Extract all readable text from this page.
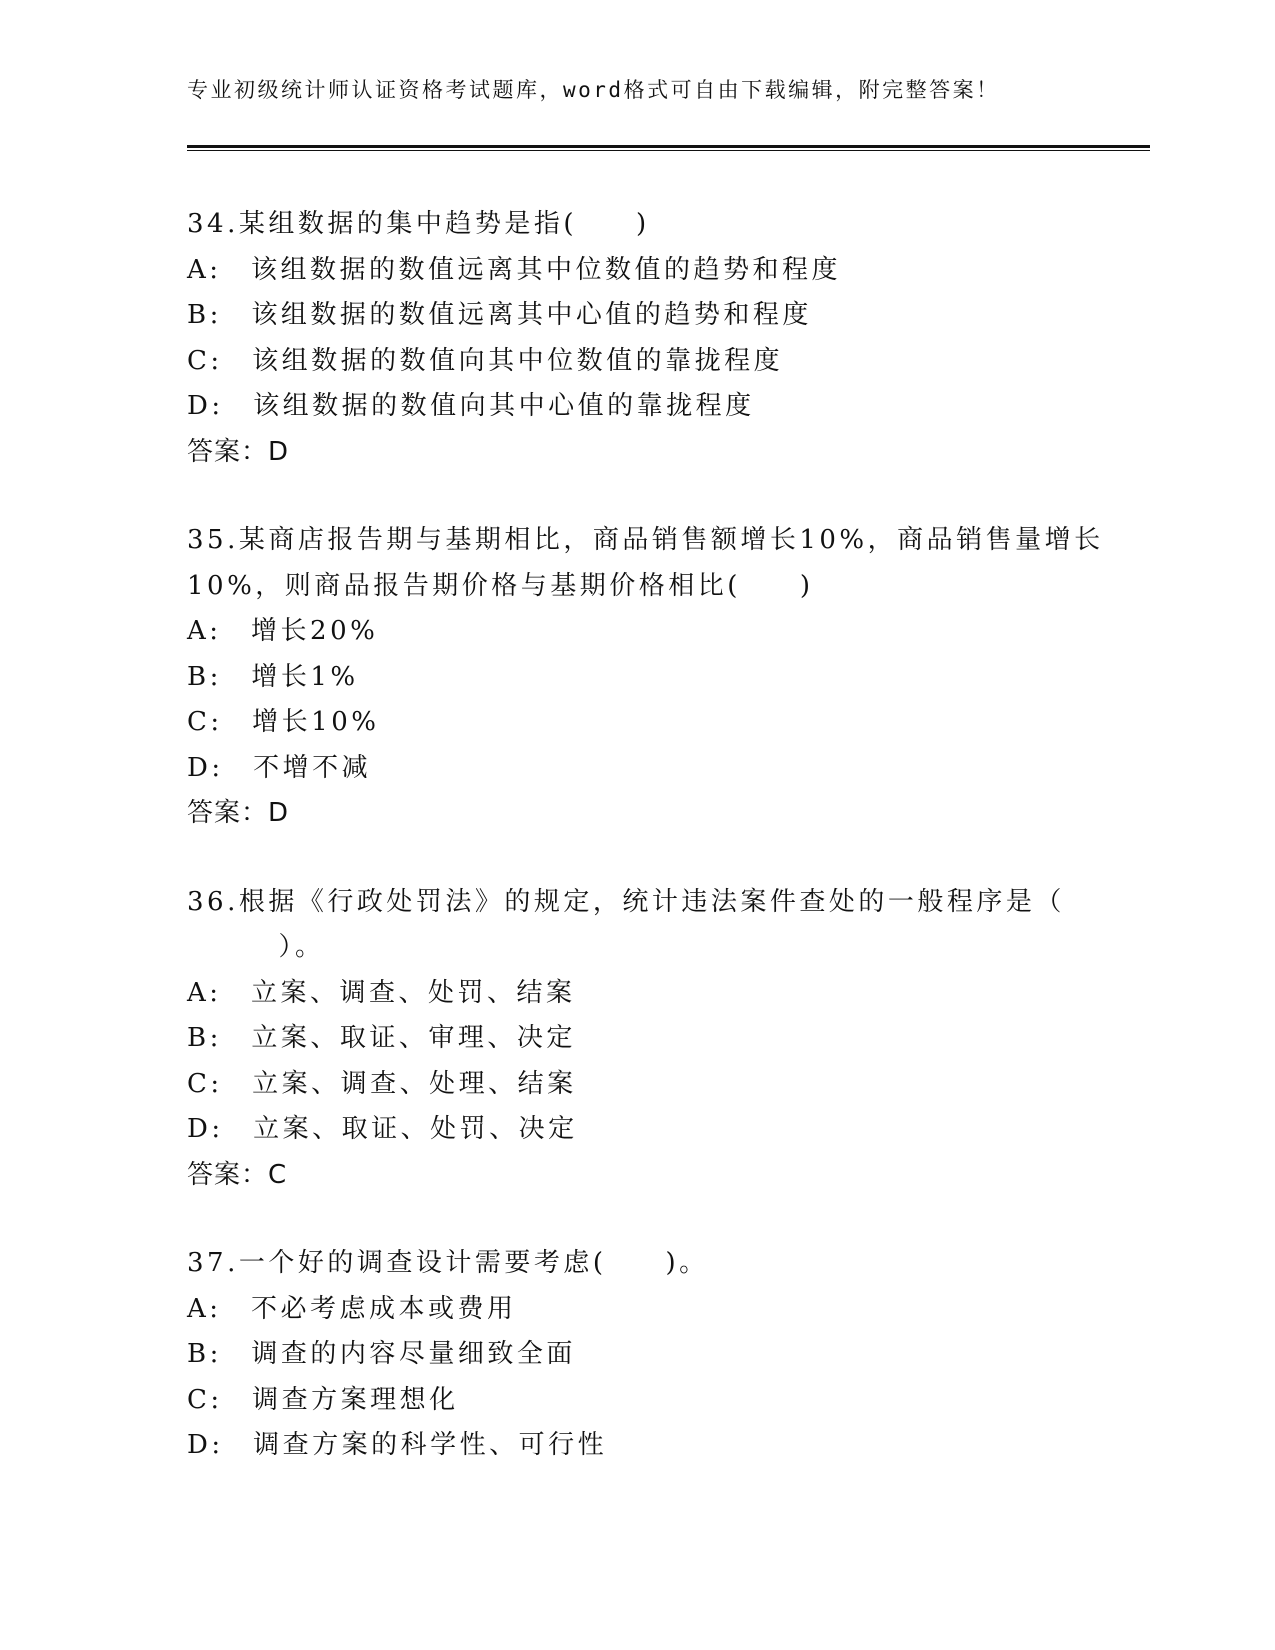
专业初级统计师认证资格考试题库，word格式可自由下载编辑，附完整答案！
34.某组数据的集中趋势是指(　　)
A:　该组数据的数值远离其中位数值的趋势和程度
B:　该组数据的数值远离其中心值的趋势和程度
C:　该组数据的数值向其中位数值的靠拢程度
D:　该组数据的数值向其中心值的靠拢程度
答案：D
35.某商店报告期与基期相比，商品销售额增长10%，商品销售量增长
10%，则商品报告期价格与基期价格相比(　　)
A:　增长20%
B:　增长1%
C:　增长10%
D:　不增不减
答案：D
36.根据《行政处罚法》的规定，统计违法案件查处的一般程序是（
　）。
A:　立案、调查、处罚、结案
B:　立案、取证、审理、决定
C:　立案、调查、处理、结案
D:　立案、取证、处罚、决定
答案：C
37.一个好的调查设计需要考虑(　　)。
A:　不必考虑成本或费用
B:　调查的内容尽量细致全面
C:　调查方案理想化
D:　调查方案的科学性、可行性
